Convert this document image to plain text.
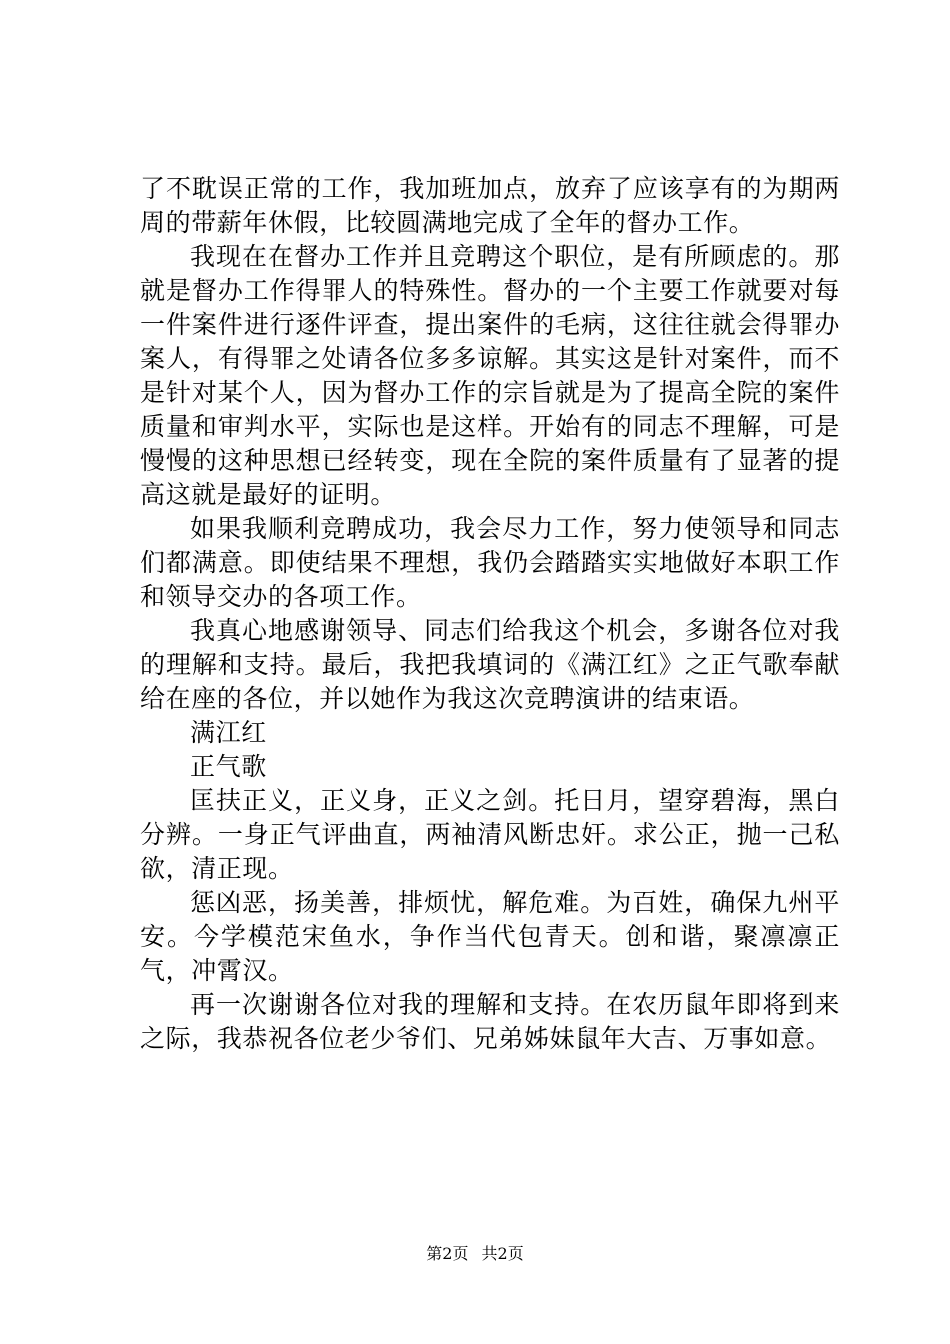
了不耽误正常的工作，我加班加点，放弃了应该享有的为期两周的带薪年休假，比较圆满地完成了全年的督办工作。

我现在在督办工作并且竞聘这个职位，是有所顾虑的。那就是督办工作得罪人的特殊性。督办的一个主要工作就要对每一件案件进行逐件评查，提出案件的毛病，这往往就会得罪办案人，有得罪之处请各位多多谅解。其实这是针对案件，而不是针对某个人，因为督办工作的宗旨就是为了提高全院的案件质量和审判水平，实际也是这样。开始有的同志不理解，可是慢慢的这种思想已经转变，现在全院的案件质量有了显著的提高这就是最好的证明。

如果我顺利竞聘成功，我会尽力工作，努力使领导和同志们都满意。即使结果不理想，我仍会踏踏实实地做好本职工作和领导交办的各项工作。

我真心地感谢领导、同志们给我这个机会，多谢各位对我的理解和支持。最后，我把我填词的《满江红》之正气歌奉献给在座的各位，并以她作为我这次竞聘演讲的结束语。

满江红

正气歌

匡扶正义，正义身，正义之剑。托日月，望穿碧海，黑白分辨。一身正气评曲直，两袖清风断忠奸。求公正，抛一己私欲，清正现。

惩凶恶，扬美善，排烦忧，解危难。为百姓，确保九州平安。今学模范宋鱼水，争作当代包青天。创和谐，聚凛凛正气，冲霄汉。

再一次谢谢各位对我的理解和支持。在农历鼠年即将到来之际，我恭祝各位老少爷们、兄弟姊妹鼠年大吉、万事如意。

第2页 共2页
